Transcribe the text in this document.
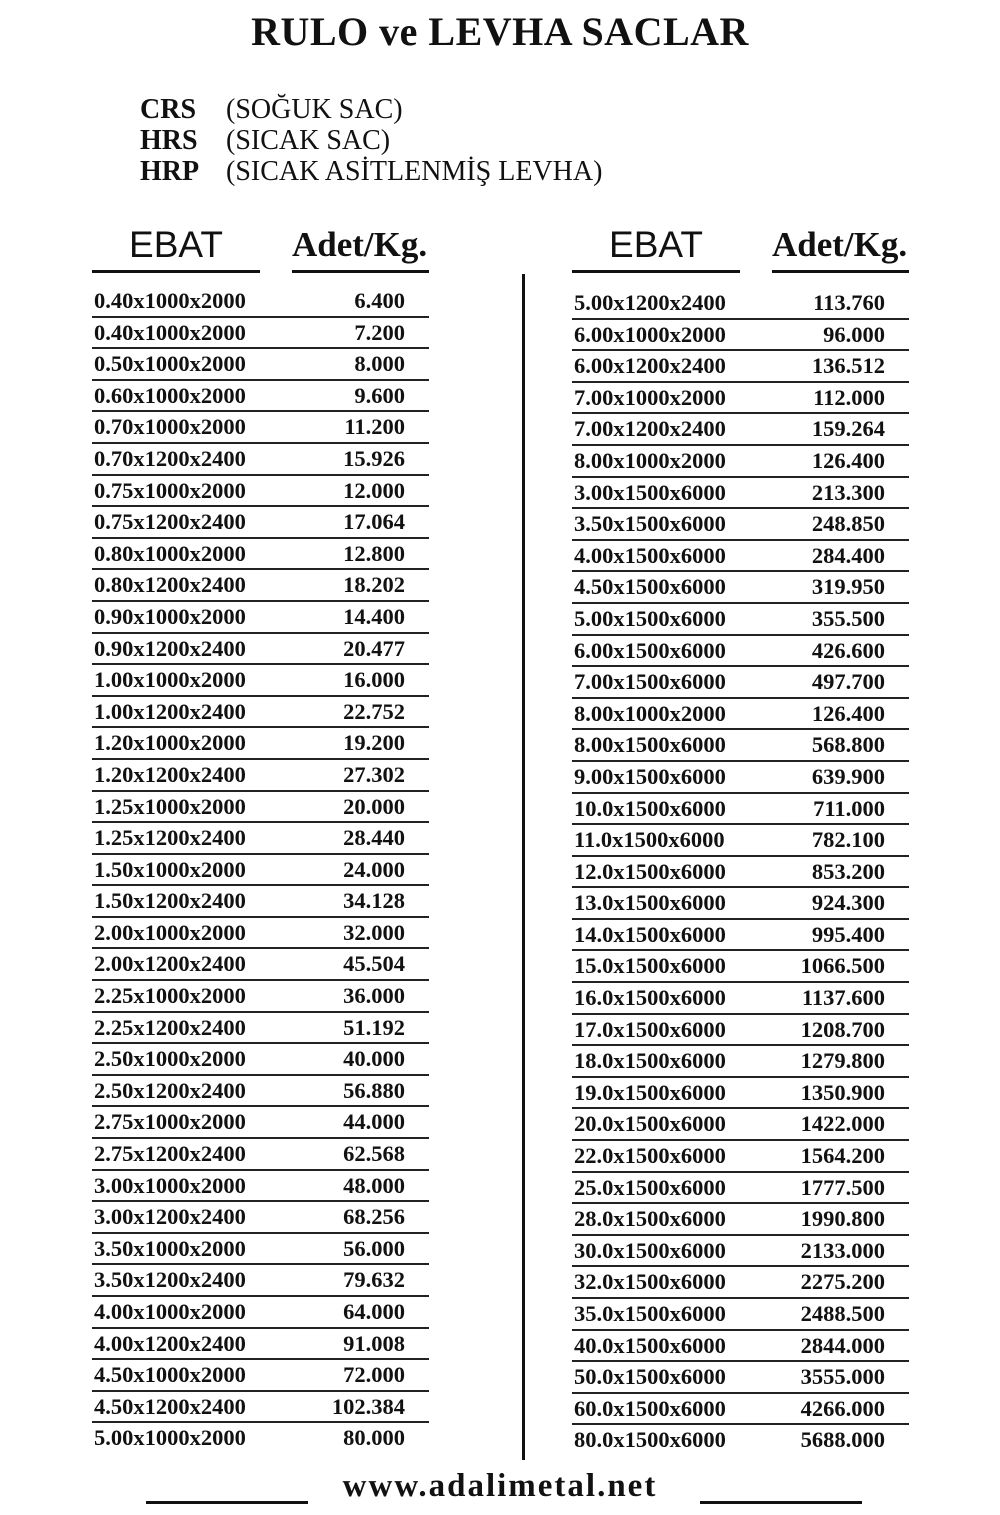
RULO ve LEVHA SACLAR
CRS	(SOĞUK SAC)
HRS	(SICAK SAC)
HRP (SICAK ASİTLENMİŞ LEVHA)
EBAT	Adet/Kg.	EBAT	Adet/Kg.
0.40x1000x2000	6.400
0.40x1000x2000	7.200
0.50x1000x2000	8.000
0.60x1000x2000	9.600
0.70x1000x2000	11.200
0.70x1200x2400	15.926
0.75x1000x2000	12.000
0.75x1200x2400	17.064
0.80x1000x2000	12.800
0.80x1200x2400	18.202
0.90x1000x2000	14.400
0.90x1200x2400	20.477
1.00x1000x2000	16.000
1.00x1200x2400	22.752
1.20x1000x2000	19.200
1.20x1200x2400	27.302
1.25x1000x2000	20.000
1.25x1200x2400	28.440
1.50x1000x2000	24.000
1.50x1200x2400	34.128
2.00x1000x2000	32.000
2.00x1200x2400	45.504
2.25x1000x2000	36.000
2.25x1200x2400	51.192
2.50x1000x2000	40.000
2.50x1200x2400	56.880
2.75x1000x2000	44.000
2.75x1200x2400	62.568
3.00x1000x2000	48.000
3.00x1200x2400	68.256
3.50x1000x2000	56.000
3.50x1200x2400	79.632
4.00x1000x2000	64.000
4.00x1200x2400	91.008
4.50x1000x2000	72.000
4.50x1200x2400	102.384
5.00x1000x2000	80.000
5.00x1200x2400	113.760
6.00x1000x2000	96.000
6.00x1200x2400	136.512
7.00x1000x2000	112.000
7.00x1200x2400	159.264
8.00x1000x2000	126.400
3.00x1500x6000	213.300
3.50x1500x6000	248.850
4.00x1500x6000	284.400
4.50x1500x6000	319.950
5.00x1500x6000	355.500
6.00x1500x6000	426.600
7.00x1500x6000	497.700
8.00x1000x2000	126.400
8.00x1500x6000	568.800
9.00x1500x6000	639.900
10.0x1500x6000	711.000
11.0x1500x6000	782.100
12.0x1500x6000	853.200
13.0x1500x6000	924.300
14.0x1500x6000	995.400
15.0x1500x6000	1066.500
16.0x1500x6000	1137.600
17.0x1500x6000	1208.700
18.0x1500x6000	1279.800
19.0x1500x6000	1350.900
20.0x1500x6000	1422.000
22.0x1500x6000	1564.200
25.0x1500x6000	1777.500
28.0x1500x6000	1990.800
30.0x1500x6000	2133.000
32.0x1500x6000	2275.200
35.0x1500x6000	2488.500
40.0x1500x6000	2844.000
50.0x1500x6000	3555.000
60.0x1500x6000	4266.000
80.0x1500x6000	5688.000
www.adalimetal.net
